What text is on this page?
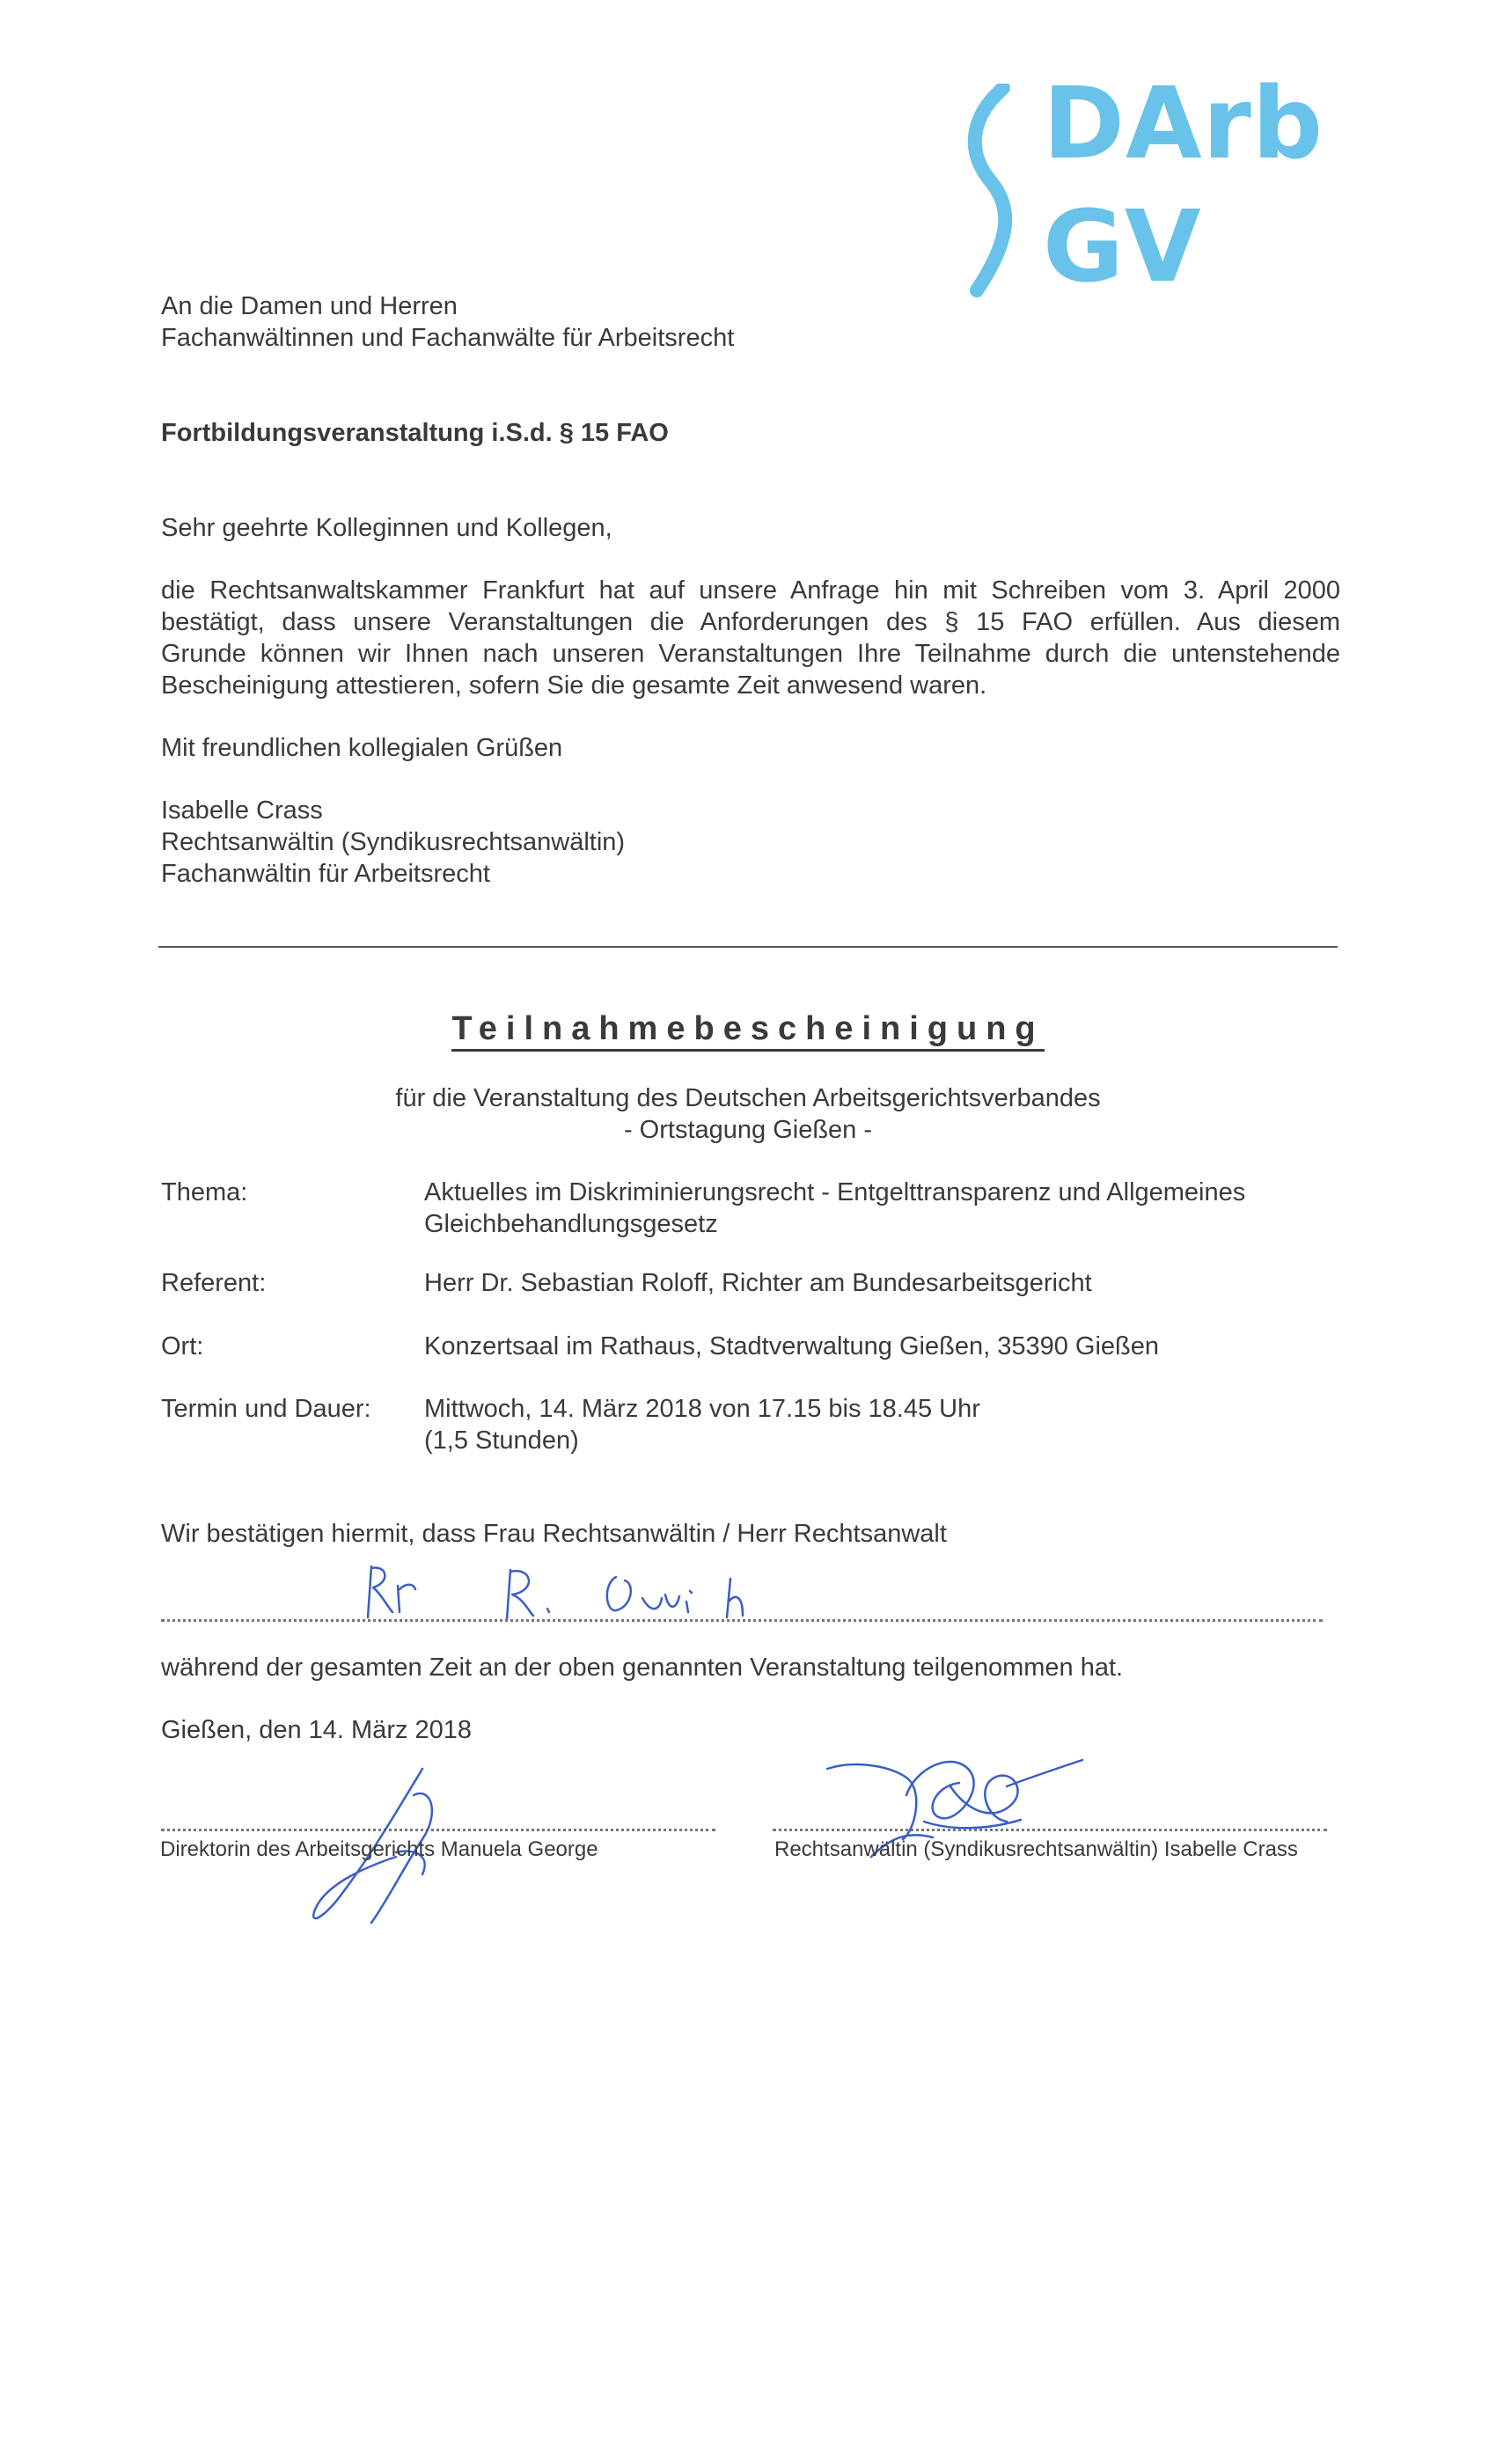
DArb
GV
An die Damen und Herren
Fachanwältinnen und Fachanwälte für Arbeitsrecht
Fortbildungsveranstaltung i.S.d. § 15 FAO
Sehr geehrte Kolleginnen und Kollegen,
die Rechtsanwaltskammer Frankfurt hat auf unsere Anfrage hin mit Schreiben vom 3. April 2000
bestätigt, dass unsere Veranstaltungen die Anforderungen des § 15 FAO erfüllen. Aus diesem
Grunde können wir Ihnen nach unseren Veranstaltungen Ihre Teilnahme durch die untenstehende
Bescheinigung attestieren, sofern Sie die gesamte Zeit anwesend waren.
Mit freundlichen kollegialen Grüßen
Isabelle Crass
Rechtsanwältin (Syndikusrechtsanwältin)
Fachanwältin für Arbeitsrecht
Teilnahmebescheinigung
für die Veranstaltung des Deutschen Arbeitsgerichtsverbandes
- Ortstagung Gießen -
Thema:	Aktuelles im Diskriminierungsrecht - Entgelttransparenz und Allgemeines
Gleichbehandlungsgesetz
Referent:	Herr Dr. Sebastian Roloff, Richter am Bundesarbeitsgericht
Ort:	Konzertsaal im Rathaus, Stadtverwaltung Gießen, 35390 Gießen
Termin und Dauer: Mittwoch, 14. März 2018 von 17.15 bis 18.45 Uhr
(1,5 Stunden)
Wir bestätigen hiermit, dass Frau Rechtsanwältin / Herr Rechtsanwalt
während der gesamten Zeit an der oben genannten Veranstaltung teilgenommen hat.
Gießen, den 14. März 2018
Direktorin des Arbeitsgerichts Manuela George	Rechtsanwältin (Syndikusrechtsanwältin) Isabelle Crass
